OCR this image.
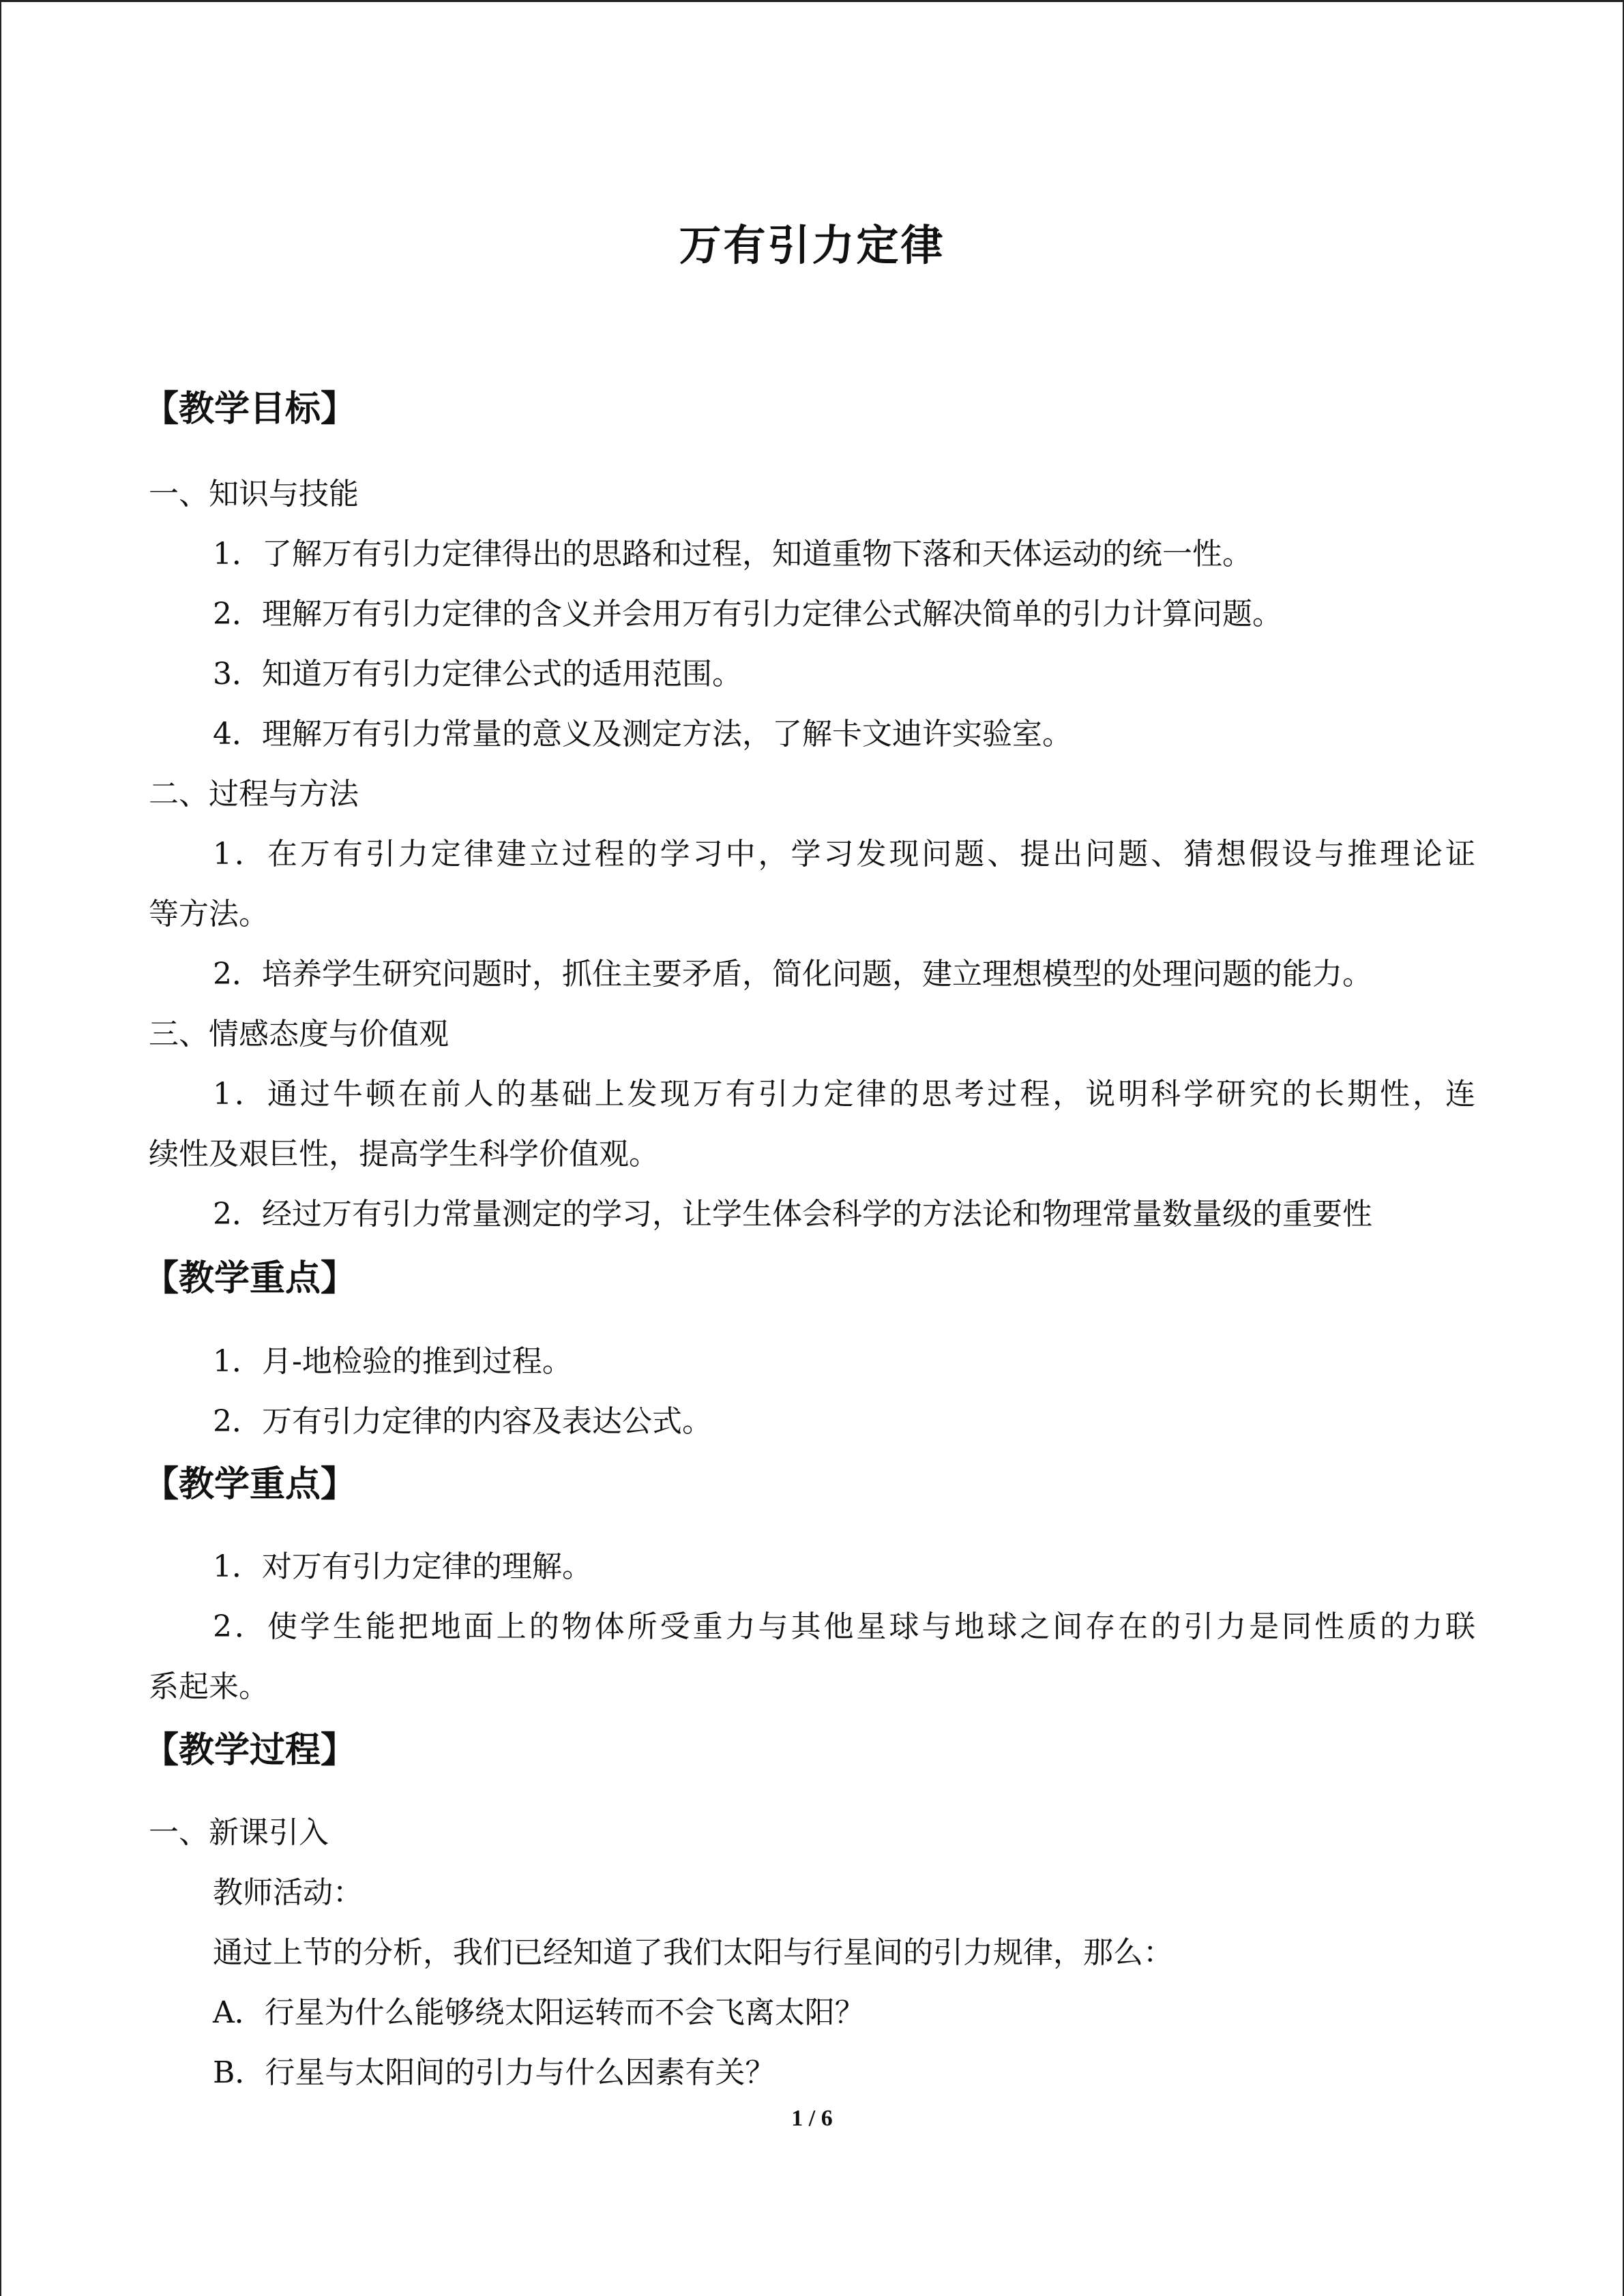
万有引力定律
【教学目标】
一、知识与技能
1．了解万有引力定律得出的思路和过程，知道重物下落和天体运动的统一性。
2．理解万有引力定律的含义并会用万有引力定律公式解决简单的引力计算问题。
3．知道万有引力定律公式的适用范围。
4．理解万有引力常量的意义及测定方法，了解卡文迪许实验室。
二、过程与方法
1．在万有引力定律建立过程的学习中，学习发现问题、提出问题、猜想假设与推理论证
等方法。
2．培养学生研究问题时，抓住主要矛盾，简化问题，建立理想模型的处理问题的能力。
三、情感态度与价值观
1．通过牛顿在前人的基础上发现万有引力定律的思考过程，说明科学研究的长期性，连
续性及艰巨性，提高学生科学价值观。
2．经过万有引力常量测定的学习，让学生体会科学的方法论和物理常量数量级的重要性
【教学重点】
1．月-地检验的推到过程。
2．万有引力定律的内容及表达公式。
【教学重点】
1．对万有引力定律的理解。
2．使学生能把地面上的物体所受重力与其他星球与地球之间存在的引力是同性质的力联
系起来。
【教学过程】
一、新课引入
教师活动：
通过上节的分析，我们已经知道了我们太阳与行星间的引力规律，那么：
A．行星为什么能够绕太阳运转而不会飞离太阳？
B．行星与太阳间的引力与什么因素有关？
1 / 6
